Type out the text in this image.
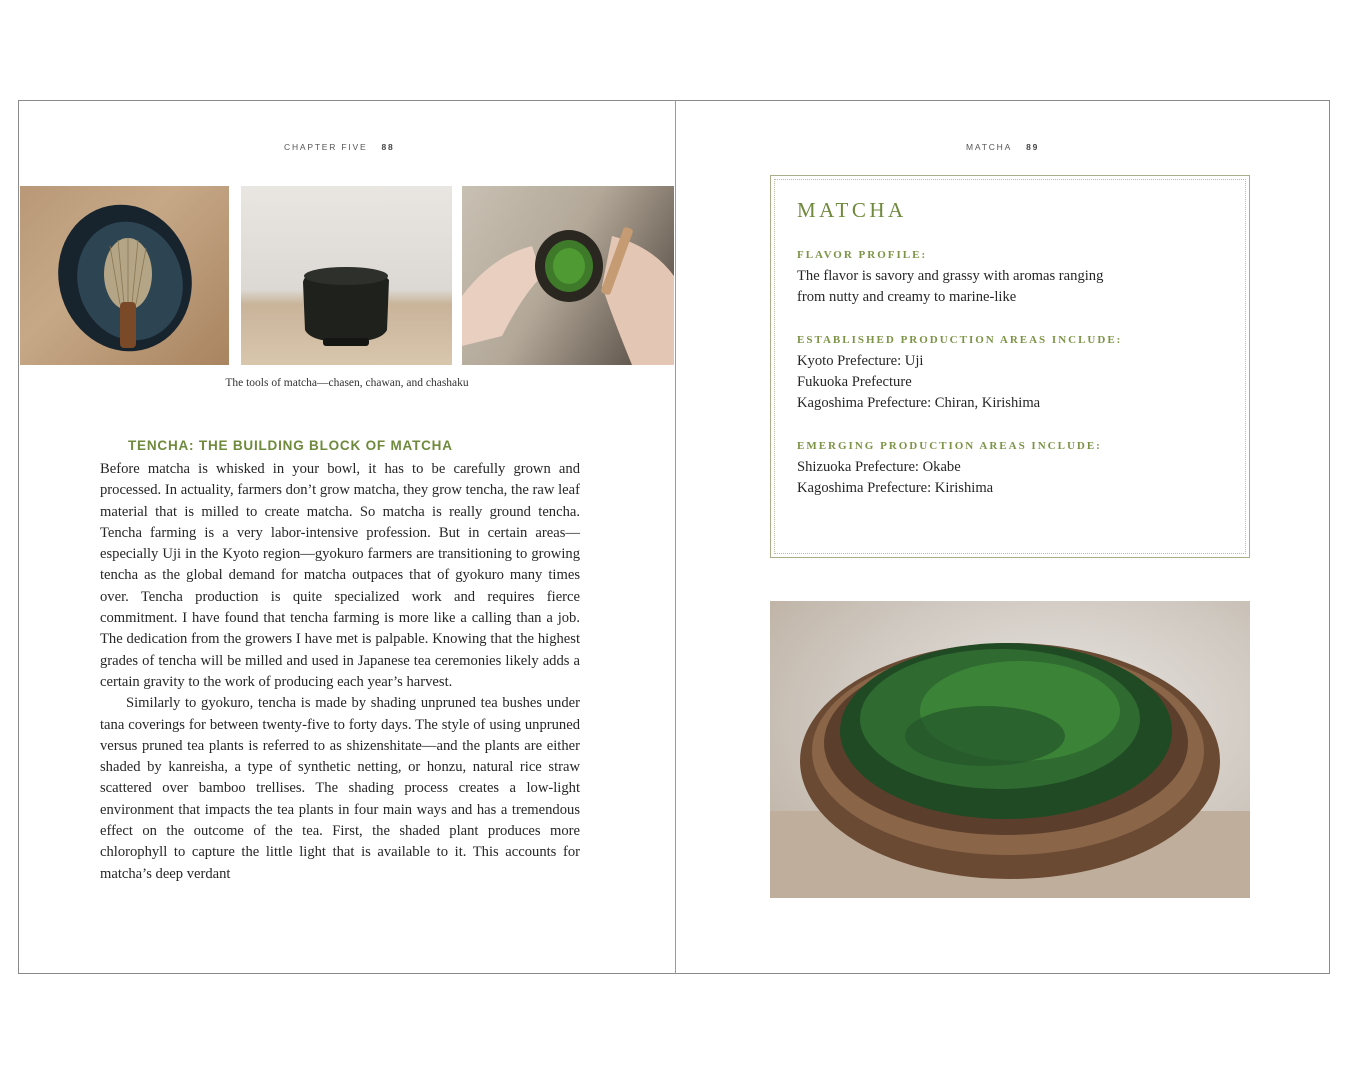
CHAPTER FIVE 88
The tools of matcha—chasen, chawan, and chashaku
TENCHA: THE BUILDING BLOCK OF MATCHA

Before matcha is whisked in your bowl, it has to be carefully grown and processed. In actuality, farmers don’t grow matcha, they grow tencha, the raw leaf material that is milled to create matcha. So matcha is really ground tencha. Tencha farming is a very labor-intensive profession. But in certain areas—especially Uji in the Kyoto region—gyokuro farmers are transitioning to growing tencha as the global demand for matcha outpaces that of gyokuro many times over. Tencha production is quite specialized work and requires fierce commitment. I have found that tencha farming is more like a calling than a job. The dedication from the growers I have met is palpable. Knowing that the highest grades of tencha will be milled and used in Japanese tea ceremonies likely adds a certain gravity to the work of producing each year’s harvest.

Similarly to gyokuro, tencha is made by shading unpruned tea bushes under tana coverings for between twenty-five to forty days. The style of using unpruned versus pruned tea plants is referred to as shizenshitate—and the plants are either shaded by kanreisha, a type of synthetic netting, or honzu, natural rice straw scattered over bamboo trellises. The shading process creates a low-light environment that impacts the tea plants in four main ways and has a tremendous effect on the outcome of the tea. First, the shaded plant produces more chlorophyll to capture the little light that is available to it. This accounts for matcha’s deep verdant

MATCHA 89
MATCHA
FLAVOR PROFILE:
The flavor is savory and grassy with aromas ranging
from nutty and creamy to marine-like
ESTABLISHED PRODUCTION AREAS INCLUDE:
Kyoto Prefecture: Uji
Fukuoka Prefecture
Kagoshima Prefecture: Chiran, Kirishima
EMERGING PRODUCTION AREAS INCLUDE:
Shizuoka Prefecture: Okabe
Kagoshima Prefecture: Kirishima
